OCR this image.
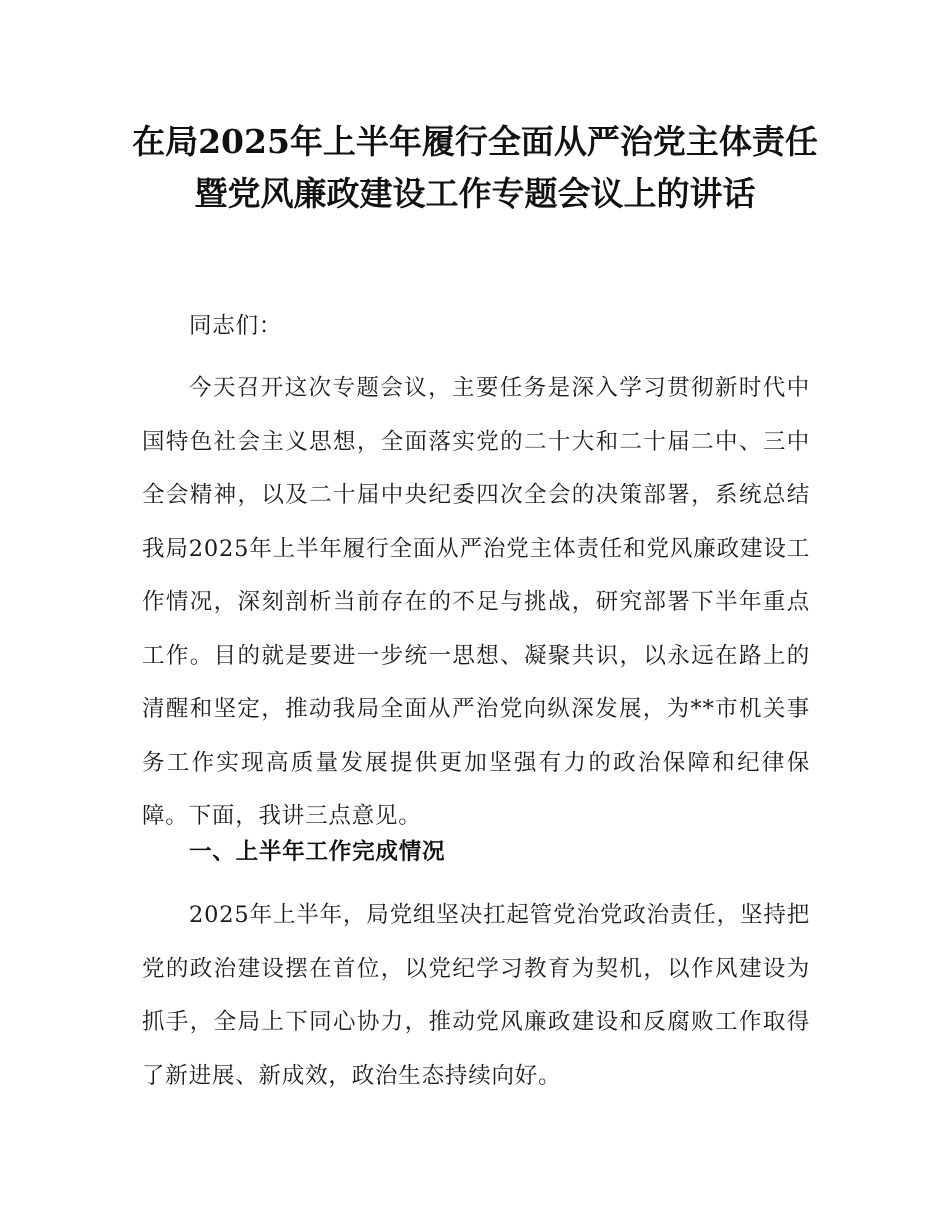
在局2025年上半年履行全面从严治党主体责任暨党风廉政建设工作专题会议上的讲话

同志们：

今天召开这次专题会议，主要任务是深入学习贯彻新时代中国特色社会主义思想，全面落实党的二十大和二十届二中、三中全会精神，以及二十届中央纪委四次全会的决策部署，系统总结我局2025年上半年履行全面从严治党主体责任和党风廉政建设工作情况，深刻剖析当前存在的不足与挑战，研究部署下半年重点工作。目的就是要进一步统一思想、凝聚共识，以永远在路上的清醒和坚定，推动我局全面从严治党向纵深发展，为**市机关事务工作实现高质量发展提供更加坚强有力的政治保障和纪律保障。下面，我讲三点意见。

一、上半年工作完成情况

2025年上半年，局党组坚决扛起管党治党政治责任，坚持把党的政治建设摆在首位，以党纪学习教育为契机，以作风建设为抓手，全局上下同心协力，推动党风廉政建设和反腐败工作取得了新进展、新成效，政治生态持续向好。
